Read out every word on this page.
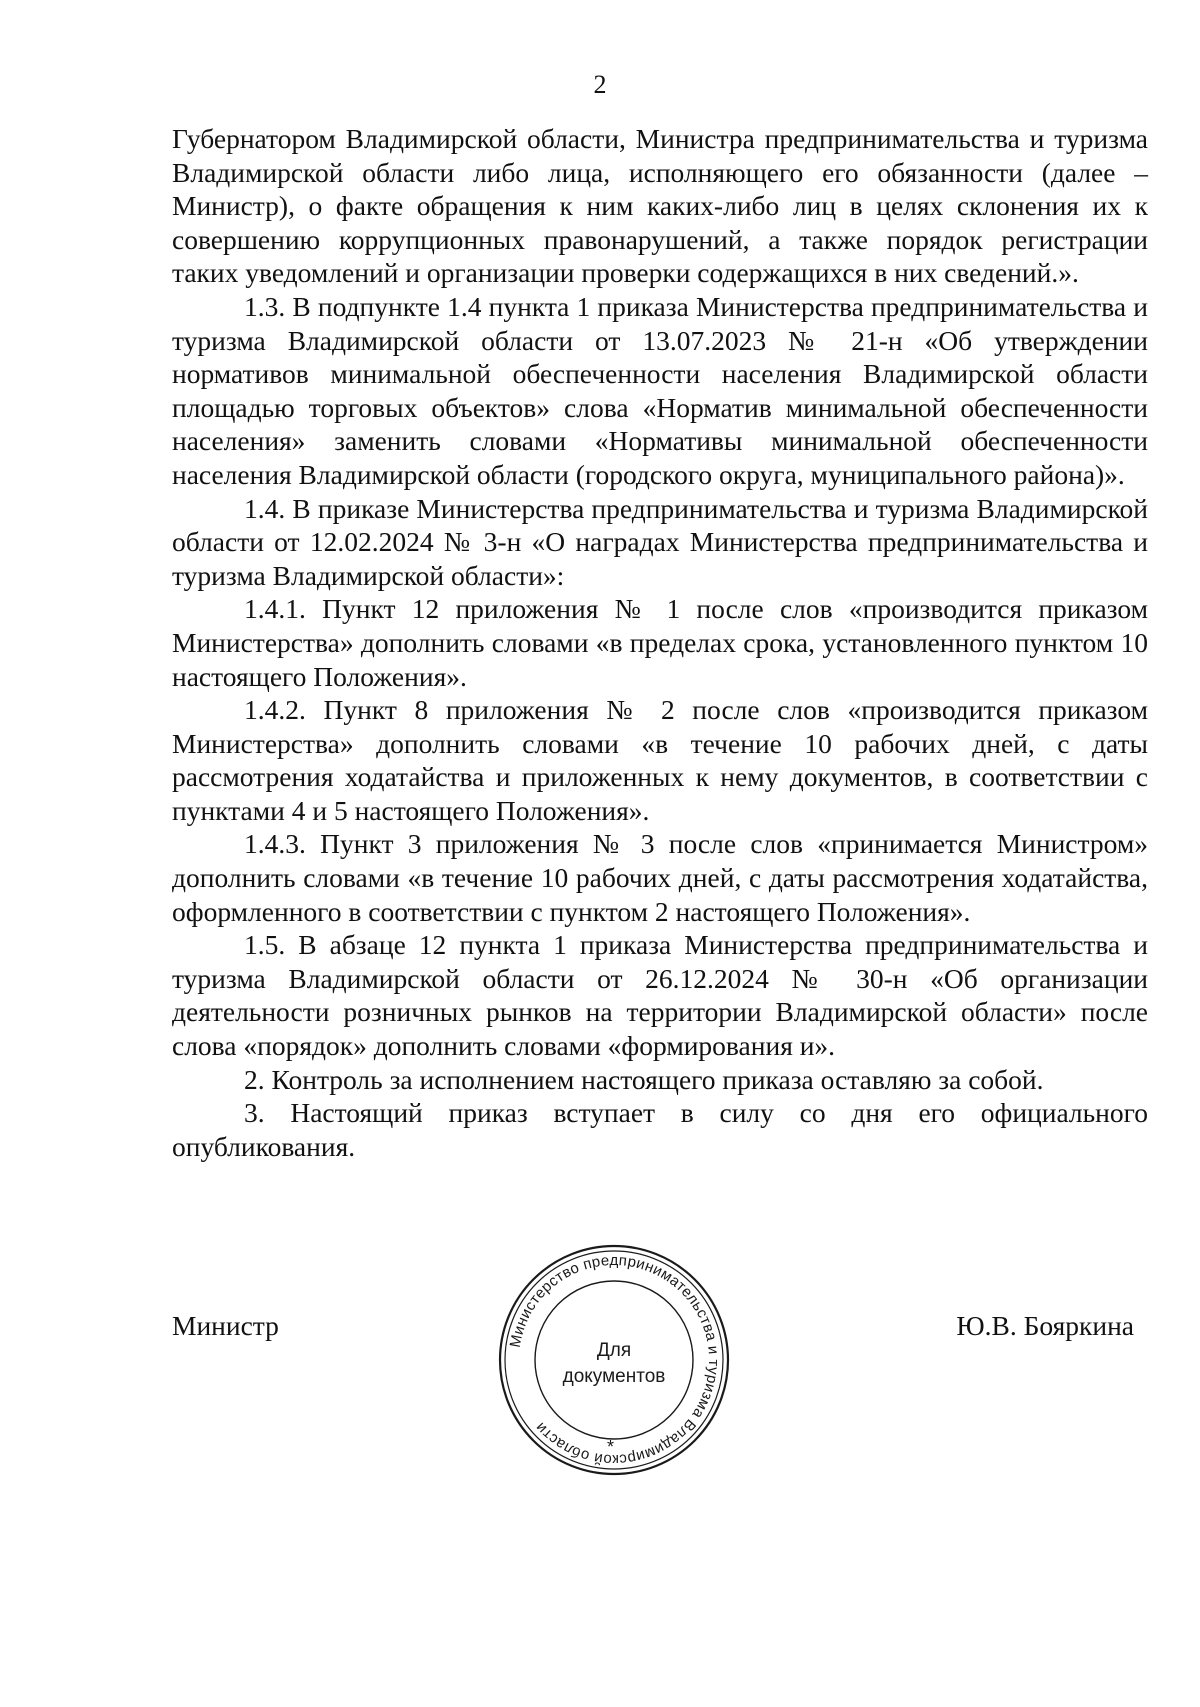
2

Губернатором Владимирской области, Министра предпринимательства и туризма Владимирской области либо лица, исполняющего его обязанности (далее – Министр), о факте обращения к ним каких-либо лиц в целях склонения их к совершению коррупционных правонарушений, а также порядок регистрации таких уведомлений и организации проверки содержащихся в них сведений.».

1.3. В подпункте 1.4 пункта 1 приказа Министерства предпринимательства и туризма Владимирской области от 13.07.2023 № 21-н «Об утверждении нормативов минимальной обеспеченности населения Владимирской области площадью торговых объектов» слова «Норматив минимальной обеспеченности населения» заменить словами «Нормативы минимальной обеспеченности населения Владимирской области (городского округа, муниципального района)».

1.4. В приказе Министерства предпринимательства и туризма Владимирской области от 12.02.2024 № 3-н «О наградах Министерства предпринимательства и туризма Владимирской области»:

1.4.1. Пункт 12 приложения № 1 после слов «производится приказом Министерства» дополнить словами «в пределах срока, установленного пунктом 10 настоящего Положения».

1.4.2. Пункт 8 приложения № 2 после слов «производится приказом Министерства» дополнить словами «в течение 10 рабочих дней, с даты рассмотрения ходатайства и приложенных к нему документов, в соответствии с пунктами 4 и 5 настоящего Положения».

1.4.3. Пункт 3 приложения № 3 после слов «принимается Министром» дополнить словами «в течение 10 рабочих дней, с даты рассмотрения ходатайства, оформленного в соответствии с пунктом 2 настоящего Положения».

1.5. В абзаце 12 пункта 1 приказа Министерства предпринимательства и туризма Владимирской области от 26.12.2024 № 30-н «Об организации деятельности розничных рынков на территории Владимирской области» после слова «порядок» дополнить словами «формирования и».

2. Контроль за исполнением настоящего приказа оставляю за собой.

3. Настоящий приказ вступает в силу со дня его официального опубликования.

Министр	Ю.В. Бояркина
Министерство предпринимательства и туризма Владимирской области
*
Для
документов
